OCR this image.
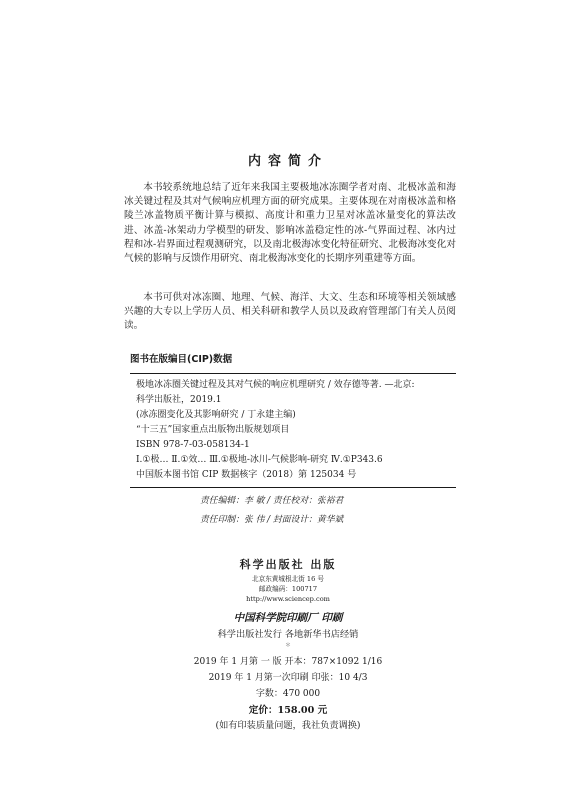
内容简介

本书较系统地总结了近年来我国主要极地冰冻圈学者对南、北极冰盖和海冰关键过程及其对气候响应机理方面的研究成果。主要体现在对南极冰盖和格陵兰冰盖物质平衡计算与模拟、高度计和重力卫星对冰盖冰量变化的算法改进、冰盖-冰架动力学模型的研发、影响冰盖稳定性的冰-气界面过程、冰内过程和冰-岩界面过程观测研究，以及南北极海冰变化特征研究、北极海冰变化对气候的影响与反馈作用研究、南北极海冰变化的长期序列重建等方面。

本书可供对冰冻圈、地理、气候、海洋、大文、生态和环境等相关领域感兴趣的大专以上学历人员、相关科研和教学人员以及政府管理部门有关人员阅读。

图书在版编目(CIP)数据
极地冰冻圈关键过程及其对气候的响应机理研究 / 效存德等著. —北京:
科学出版社，2019.1
(冰冻圈变化及其影响研究 / 丁永建主编)
“十三五”国家重点出版物出版规划项目
ISBN 978-7-03-058134-1
Ⅰ.①极… Ⅱ.①效… Ⅲ.①极地-冰川-气候影响-研究 Ⅳ.①P343.6
中国版本图书馆 CIP 数据核字（2018）第 125034 号
责任编辑：李 敏 / 责任校对：张裕君
责任印制：张 伟 / 封面设计：黄华斌
科学出版社 出版
北京东黄城根北街 16 号
邮政编码：100717
http://www.sciencep.com
中国科学院印刷厂 印刷
科学出版社发行 各地新华书店经销
＊
2019 年 1 月第 一 版 开本：787×1092 1/16
2019 年 1 月第一次印刷 印张：10 4/3
字数：470 000
定价：158.00 元
(如有印装质量问题，我社负责调换)
